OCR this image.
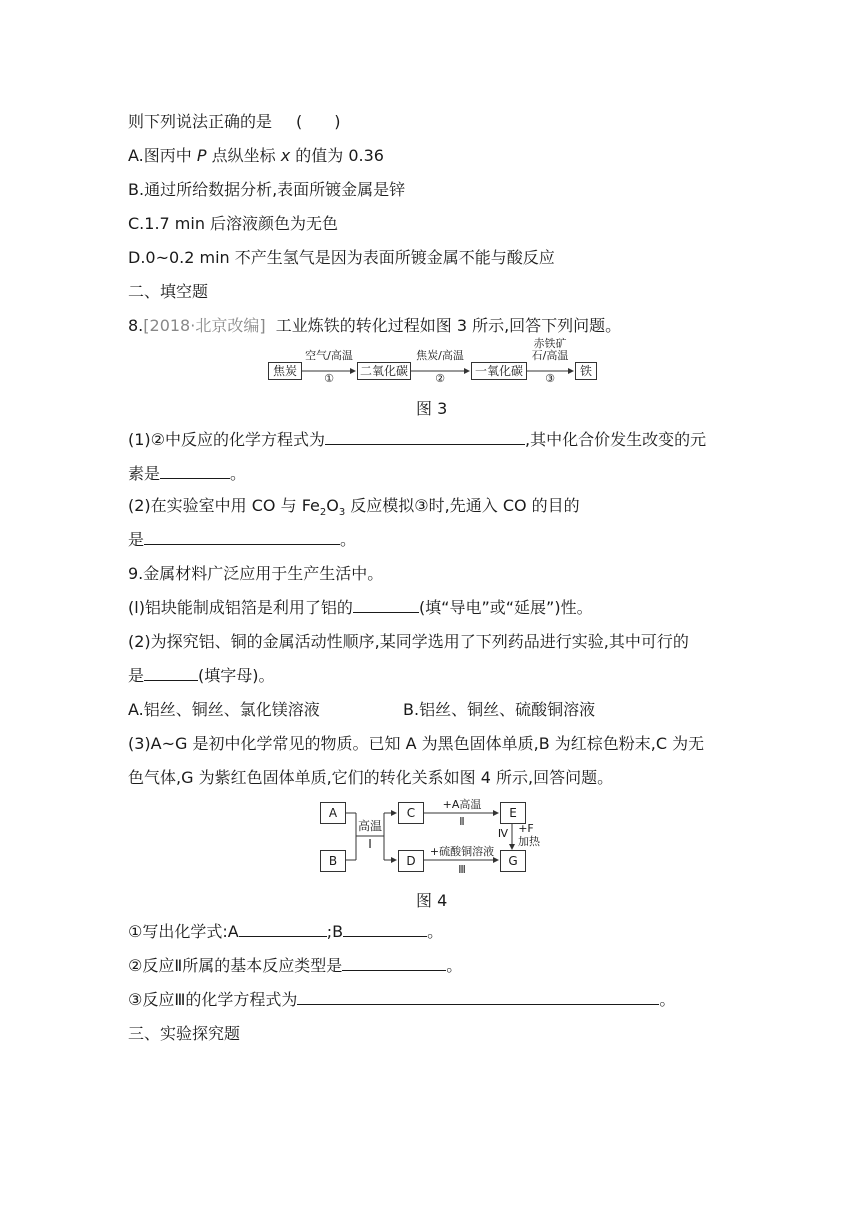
则下列说法正确的是 (　　)
A.图丙中 P 点纵坐标 x 的值为 0.36
B.通过所给数据分析,表面所镀金属是锌
C.1.7 min 后溶液颜色为无色
D.0~0.2 min 不产生氢气是因为表面所镀金属不能与酸反应
二、填空题
8.[2018·北京改编] 工业炼铁的转化过程如图 3 所示,回答下列问题。
焦炭
空气/高温
①
二氧化碳
焦炭/高温
②
一氧化碳
赤铁矿
石/高温
③
铁
图 3
(1)②中反应的化学方程式为	,其中化合价发生改变的元
素是	。
(2)在实验室中用 CO 与 $Fe_2O_3$ 反应模拟③时,先通入 CO 的目的
是	。
9.金属材料广泛应用于生产生活中。
(l)铝块能制成铝箔是利用了铝的	(填“导电”或“延展”)性。
(2)为探究铝、铜的金属活动性顺序,某同学选用了下列药品进行实验,其中可行的
是	(填字母)。
A.铝丝、铜丝、氯化镁溶液	B.铝丝、铜丝、硫酸铜溶液
(3)A~G 是初中化学常见的物质。已知 A 为黑色固体单质,B 为红棕色粉末,C 为无
色气体,G 为紫红色固体单质,它们的转化关系如图 4 所示,回答问题。
A
B
高温
Ⅰ
C
D
+A高温
Ⅱ
+硫酸铜溶液
Ⅲ
E
G
Ⅳ +F
加热
图 4
①写出化学式:A	;B	。
②反应Ⅱ所属的基本反应类型是	。
③反应Ⅲ的化学方程式为	。
三、实验探究题
